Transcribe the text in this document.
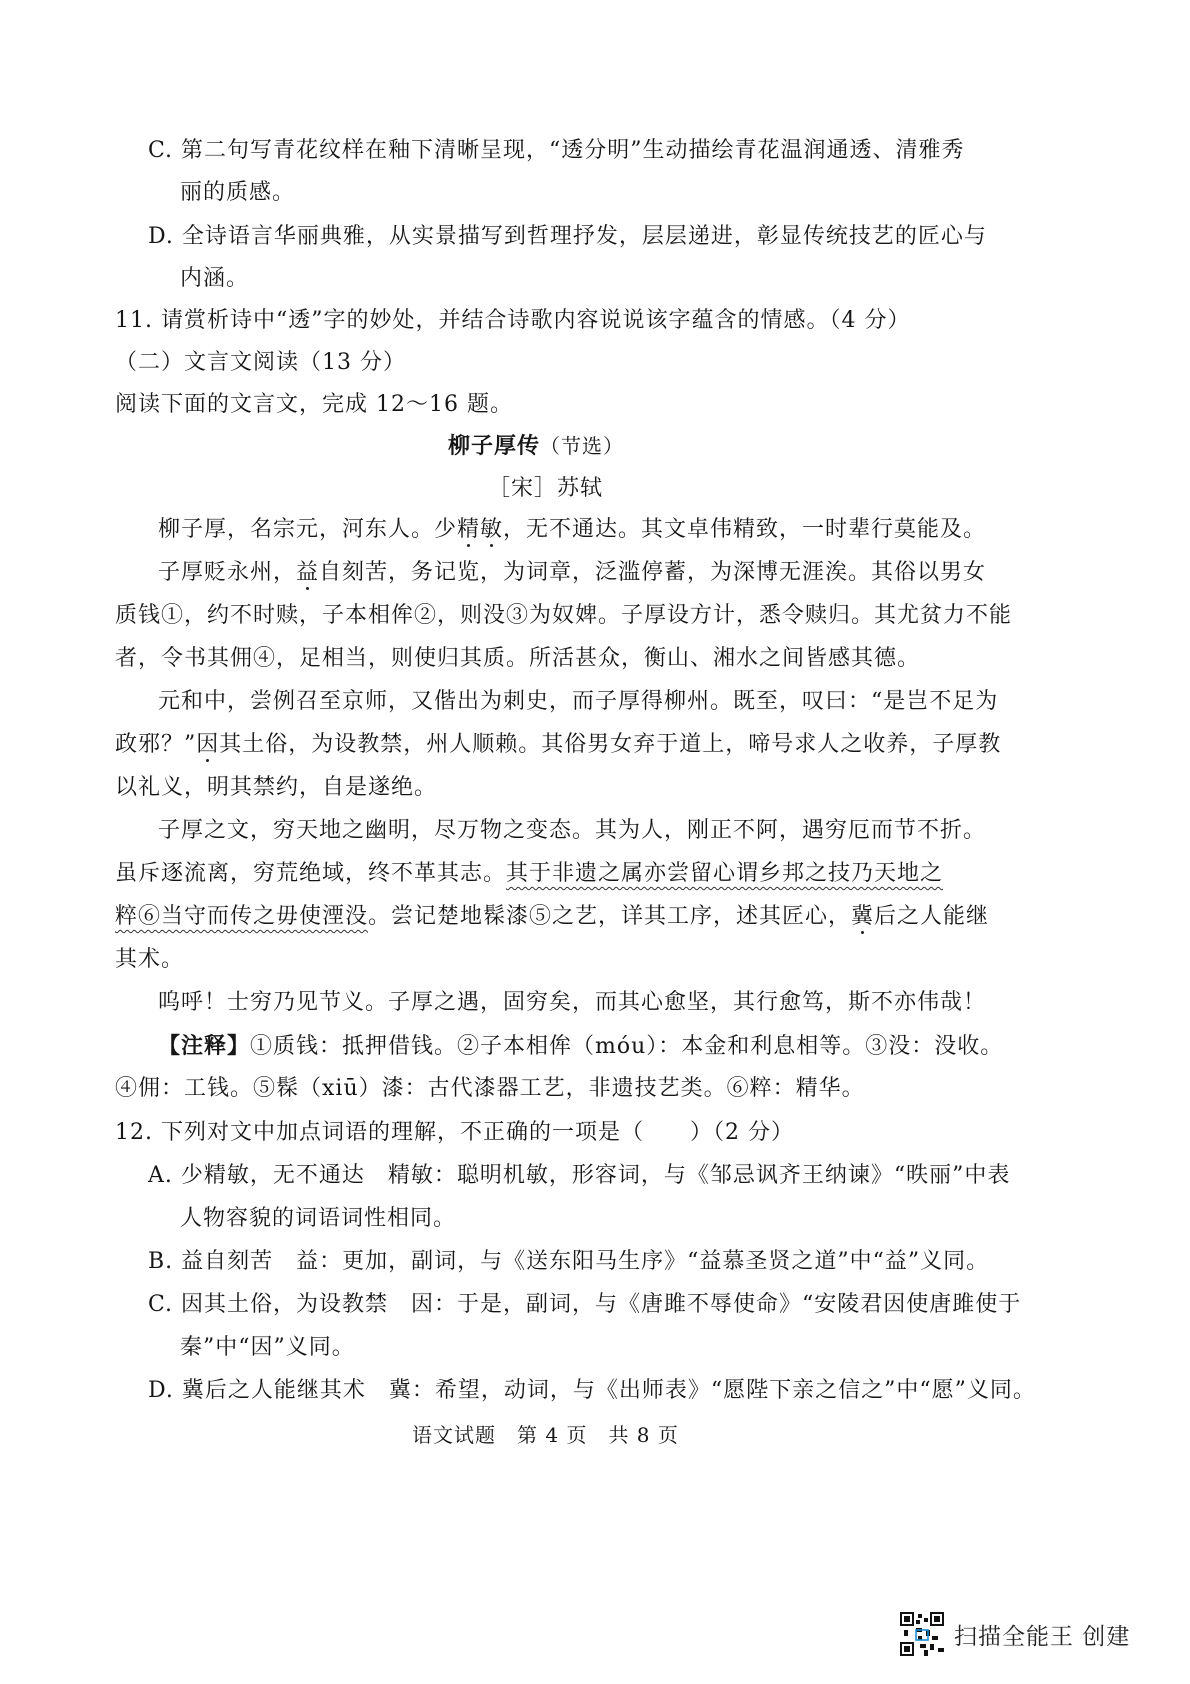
C. 第二句写青花纹样在釉下清晰呈现，“透分明”生动描绘青花温润通透、清雅秀
丽的质感。
D. 全诗语言华丽典雅，从实景描写到哲理抒发，层层递进，彰显传统技艺的匠心与
内涵。
11. 请赏析诗中“透”字的妙处，并结合诗歌内容说说该字蕴含的情感。（4 分）
（二）文言文阅读（13 分）
阅读下面的文言文，完成 12～16 题。
柳子厚传（节选）
［宋］苏轼
柳子厚，名宗元，河东人。少精敏，无不通达。其文卓伟精致，一时辈行莫能及。
子厚贬永州，益自刻苦，务记览，为词章，泛滥停蓄，为深博无涯涘。其俗以男女
质钱①，约不时赎，子本相侔②，则没③为奴婢。子厚设方计，悉令赎归。其尤贫力不能
者，令书其佣④，足相当，则使归其质。所活甚众，衡山、湘水之间皆感其德。
元和中，尝例召至京师，又偕出为刺史，而子厚得柳州。既至，叹曰：“是岂不足为
政邪？”因其土俗，为设教禁，州人顺赖。其俗男女弃于道上，啼号求人之收养，子厚教
以礼义，明其禁约，自是遂绝。
子厚之文，穷天地之幽明，尽万物之变态。其为人，刚正不阿，遇穷厄而节不折。
虽斥逐流离，穷荒绝域，终不革其志。其于非遗之属亦尝留心谓乡邦之技乃天地之
粹⑥当守而传之毋使湮没。尝记楚地髹漆⑤之艺，详其工序，述其匠心，冀后之人能继
其术。
呜呼！士穷乃见节义。子厚之遇，固穷矣，而其心愈坚，其行愈笃，斯不亦伟哉！
【注释】①质钱：抵押借钱。②子本相侔（móu）：本金和利息相等。③没：没收。
④佣：工钱。⑤髹（xiū）漆：古代漆器工艺，非遗技艺类。⑥粹：精华。
12. 下列对文中加点词语的理解，不正确的一项是（　　）（2 分）
A. 少精敏，无不通达　精敏：聪明机敏，形容词，与《邹忌讽齐王纳谏》“昳丽”中表
人物容貌的词语词性相同。
B. 益自刻苦　益：更加，副词，与《送东阳马生序》“益慕圣贤之道”中“益”义同。
C. 因其土俗，为设教禁　因：于是，副词，与《唐雎不辱使命》“安陵君因使唐雎使于
秦”中“因”义同。
D. 冀后之人能继其术　冀：希望，动词，与《出师表》“愿陛下亲之信之”中“愿”义同。
语文试题　第 4 页　共 8 页
扫描全能王 创建
